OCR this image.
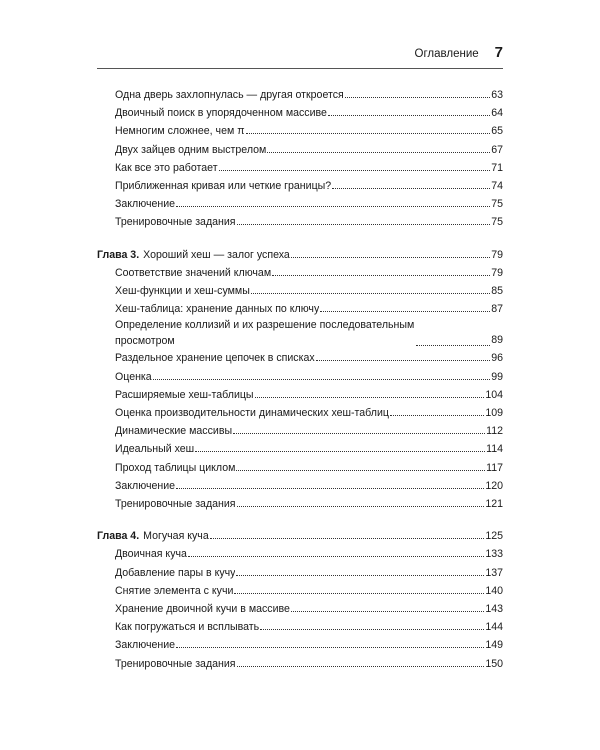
Оглавление 7
Одна дверь захлопнулась — другая откроется	63
Двоичный поиск в упорядоченном массиве	64
Немногим сложнее, чем π	65
Двух зайцев одним выстрелом	67
Как все это работает	71
Приближенная кривая или четкие границы?	74
Заключение	75
Тренировочные задания	75
Глава 3. Хороший хеш — залог успеха	79
Соответствие значений ключам	79
Хеш-функции и хеш-суммы	85
Хеш-таблица: хранение данных по ключу	87
Определение коллизий и их разрешение последовательным просмотром	89
Раздельное хранение цепочек в списках	96
Оценка	99
Расширяемые хеш-таблицы	104
Оценка производительности динамических хеш-таблиц	109
Динамические массивы	112
Идеальный хеш	114
Проход таблицы циклом	117
Заключение	120
Тренировочные задания	121
Глава 4. Могучая куча	125
Двоичная куча	133
Добавление пары в кучу	137
Снятие элемента с кучи	140
Хранение двоичной кучи в массиве	143
Как погружаться и всплывать	144
Заключение	149
Тренировочные задания	150
